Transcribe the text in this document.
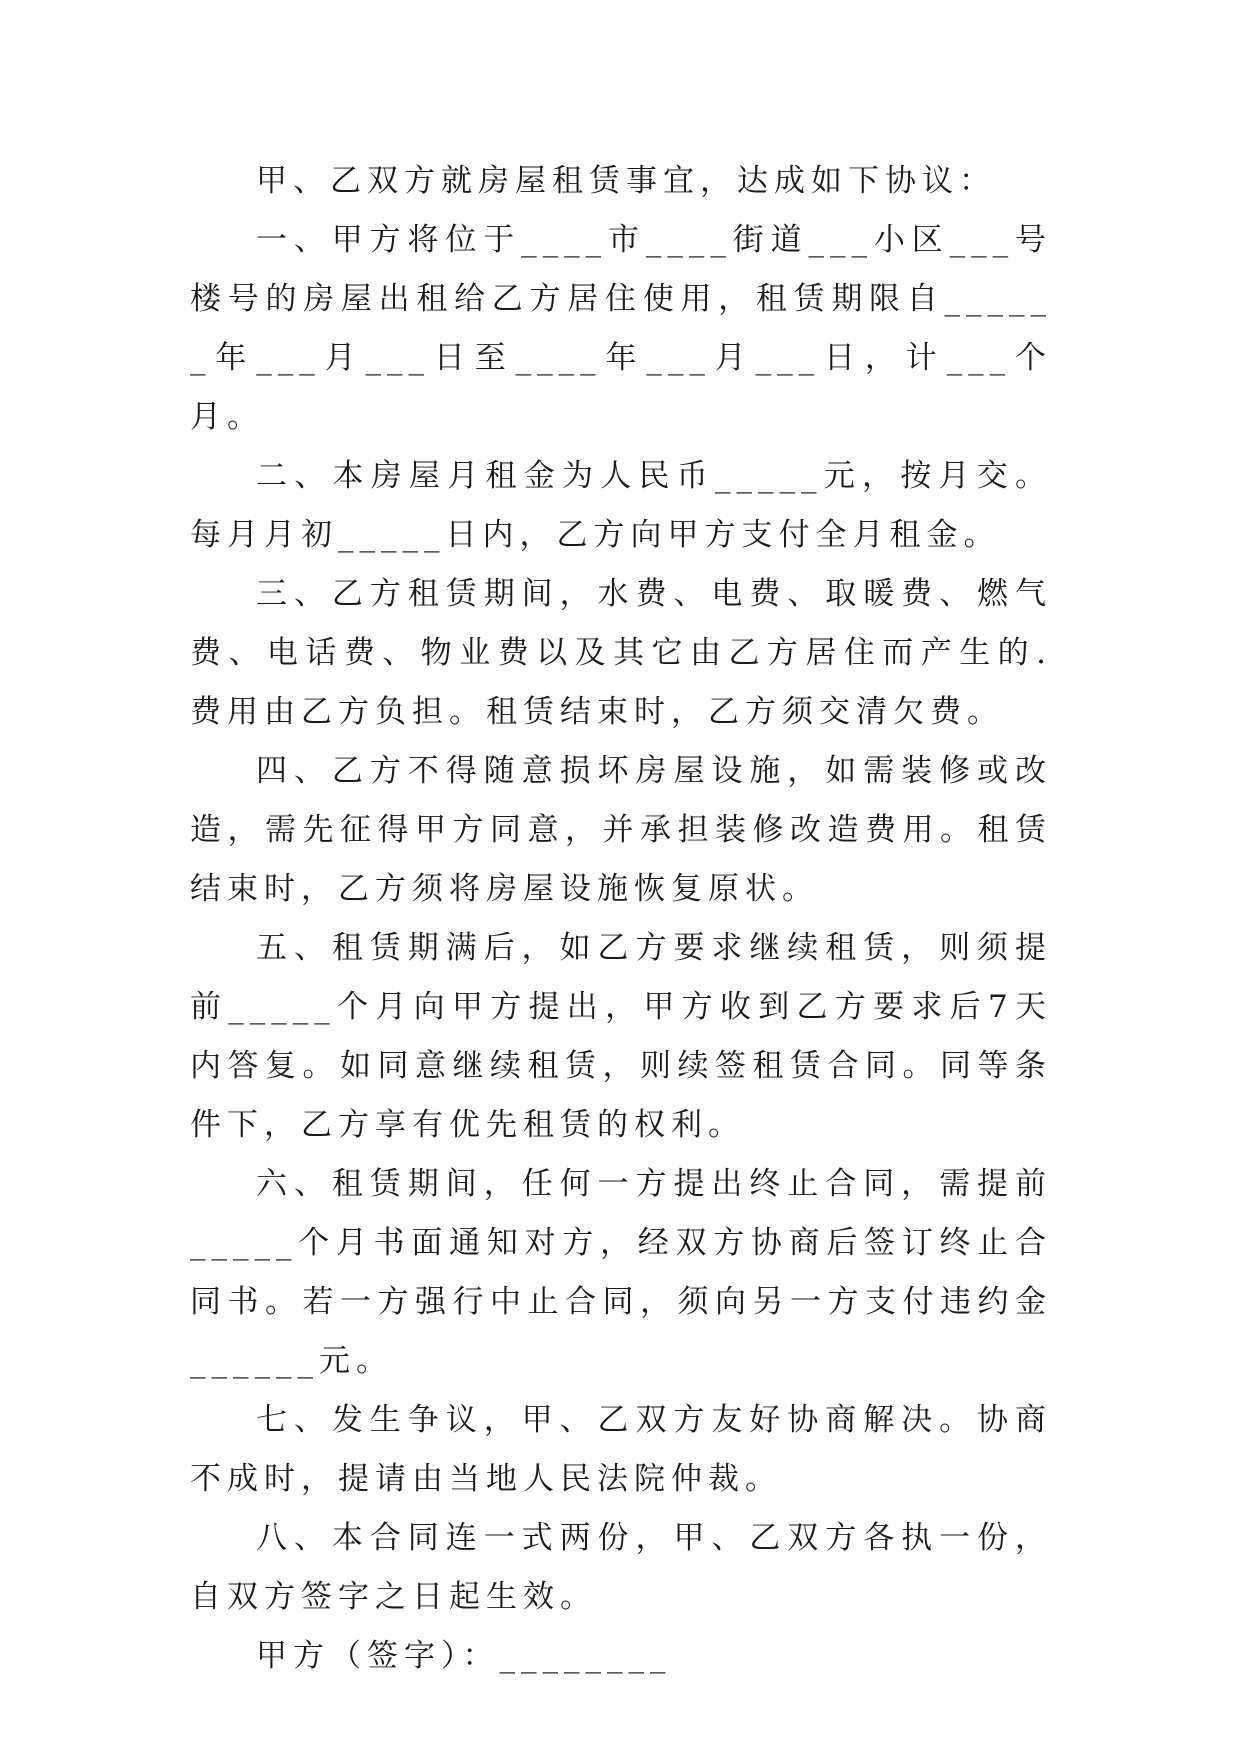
甲、乙双方就房屋租赁事宜，达成如下协议：

一、甲方将位于____市____街道___小区___号楼号的房屋出租给乙方居住使用，租赁期限自______年___月___日至____年___月___日，计___个月。

二、本房屋月租金为人民币_____元，按月交。每月月初_____日内，乙方向甲方支付全月租金。

三、乙方租赁期间，水费、电费、取暖费、燃气费、电话费、物业费以及其它由乙方居住而产生的.费用由乙方负担。租赁结束时，乙方须交清欠费。

四、乙方不得随意损坏房屋设施，如需装修或改造，需先征得甲方同意，并承担装修改造费用。租赁结束时，乙方须将房屋设施恢复原状。

五、租赁期满后，如乙方要求继续租赁，则须提前_____个月向甲方提出，甲方收到乙方要求后7天内答复。如同意继续租赁，则续签租赁合同。同等条件下，乙方享有优先租赁的权利。

六、租赁期间，任何一方提出终止合同，需提前_____个月书面通知对方，经双方协商后签订终止合同书。若一方强行中止合同，须向另一方支付违约金______元。

七、发生争议，甲、乙双方友好协商解决。协商不成时，提请由当地人民法院仲裁。

八、本合同连一式两份，甲、乙双方各执一份，自双方签字之日起生效。

甲方（签字）：________
